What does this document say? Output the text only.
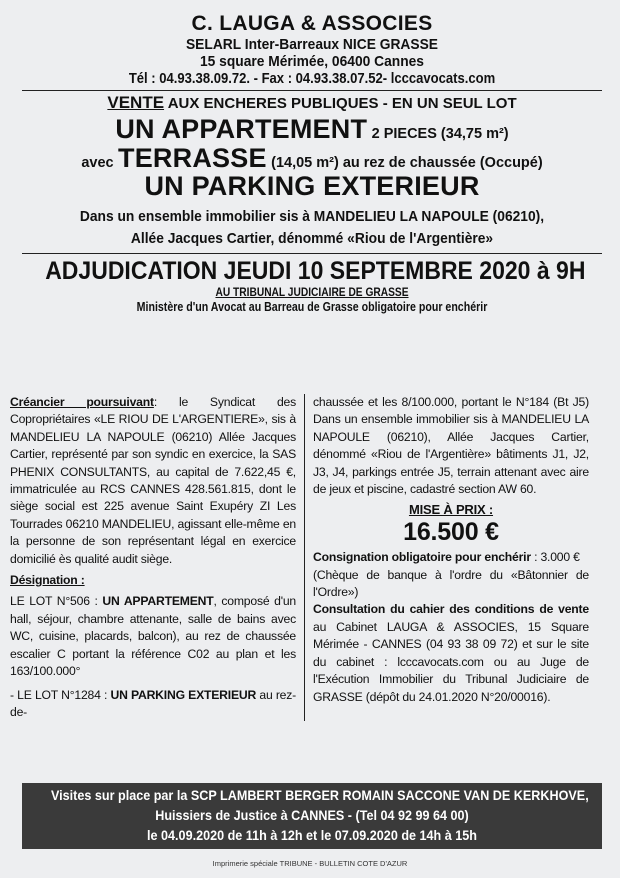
C. LAUGA & ASSOCIES
SELARL Inter-Barreaux NICE GRASSE
15 square Mérimée, 06400 Cannes
Tél : 04.93.38.09.72. - Fax : 04.93.38.07.52- lcccavocats.com
VENTE AUX ENCHERES PUBLIQUES - EN UN SEUL LOT
UN APPARTEMENT 2 PIECES (34,75 m²)
avec TERRASSE (14,05 m²) au rez de chaussée (Occupé)
UN PARKING EXTERIEUR
Dans un ensemble immobilier sis à MANDELIEU LA NAPOULE (06210),
Allée Jacques Cartier, dénommé «Riou de l'Argentière»
ADJUDICATION JEUDI 10 SEPTEMBRE 2020 à 9H
AU TRIBUNAL JUDICIAIRE DE GRASSE
Ministère d'un Avocat au Barreau de Grasse obligatoire pour enchérir

Créancier poursuivant: le Syndicat des Copropriétaires «LE RIOU DE L'ARGENTIERE», sis à MANDELIEU LA NAPOULE (06210) Allée Jacques Cartier, représenté par son syndic en exercice, la SAS PHENIX CONSULTANTS, au capital de 7.622,45 €, immatriculée au RCS CANNES 428.561.815, dont le siège social est 225 avenue Saint Exupéry ZI Les Tourrades 06210 MANDELIEU, agissant elle-même en la personne de son représentant légal en exercice domicilié ès qualité audit siège.

Désignation :

LE LOT N°506 : UN APPARTEMENT, composé d'un hall, séjour, chambre attenante, salle de bains avec WC, cuisine, placards, balcon), au rez de chaussée escalier C portant la référence C02 au plan et les 163/100.000°

- LE LOT N°1284 : UN PARKING EXTERIEUR au rez-de-

chaussée et les 8/100.000, portant le N°184 (Bt J5) Dans un ensemble immobilier sis à MANDELIEU LA NAPOULE (06210), Allée Jacques Cartier, dénommé «Riou de l'Argentière» bâtiments J1, J2, J3, J4, parkings entrée J5, terrain attenant avec aire de jeux et piscine, cadastré section AW 60.

MISE À PRIX :
16.500 €

Consignation obligatoire pour enchérir : 3.000 €

(Chèque de banque à l'ordre du «Bâtonnier de l'Ordre»)

Consultation du cahier des conditions de vente au Cabinet LAUGA & ASSOCIES, 15 Square Mérimée - CANNES (04 93 38 09 72) et sur le site du cabinet : lcccavocats.com ou au Juge de l'Exécution Immobilier du Tribunal Judiciaire de GRASSE (dépôt du 24.01.2020 N°20/00016).

Visites sur place par la SCP LAMBERT BERGER ROMAIN SACCONE VAN DE KERKHOVE,
Huissiers de Justice à CANNES - (Tel 04 92 99 64 00)
le 04.09.2020 de 11h à 12h et le 07.09.2020 de 14h à 15h
Imprimerie spéciale TRIBUNE - BULLETIN COTE D'AZUR
